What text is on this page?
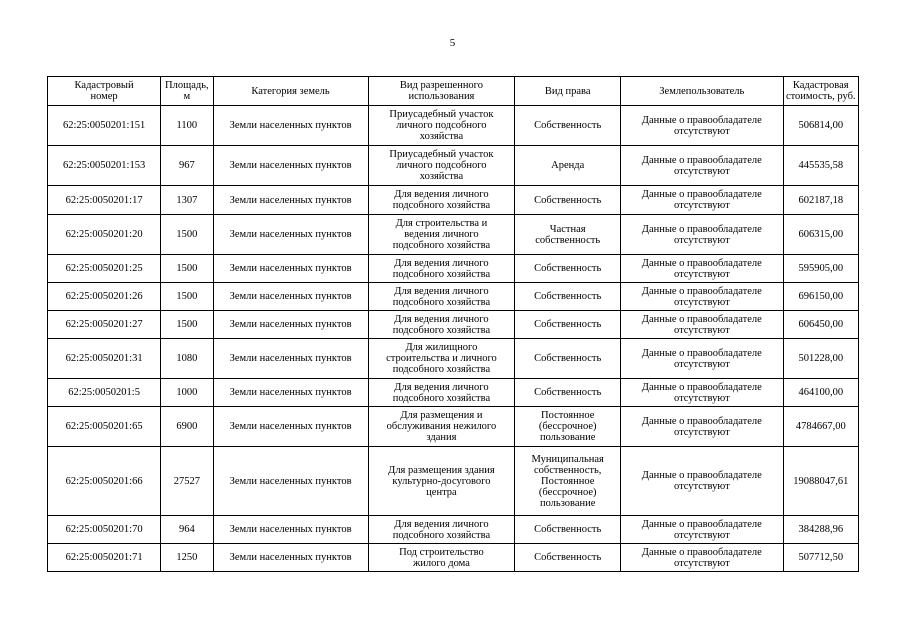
5
Кадастровый
номер	Площадь,
м	Категория земель	Вид разрешенного
использования	Вид права	Землепользователь	Кадастровая
стоимость, руб.
62:25:0050201:151	1100	Земли населенных пунктов	Приусадебный участок
личного подсобного
хозяйства	Собственность	Данные о правообладателе
отсутствуют	506814,00
62:25:0050201:153	967	Земли населенных пунктов	Приусадебный участок
личного подсобного
хозяйства	Аренда	Данные о правообладателе
отсутствуют	445535,58
62:25:0050201:17	1307	Земли населенных пунктов	Для ведения личного
подсобного хозяйства	Собственность	Данные о правообладателе
отсутствуют	602187,18
62:25:0050201:20	1500	Земли населенных пунктов	Для строительства и
ведения личного
подсобного хозяйства	Частная
собственность	Данные о правообладателе
отсутствуют	606315,00
62:25:0050201:25	1500	Земли населенных пунктов	Для ведения личного
подсобного хозяйства	Собственность	Данные о правообладателе
отсутствуют	595905,00
62:25:0050201:26	1500	Земли населенных пунктов	Для ведения личного
подсобного хозяйства	Собственность	Данные о правообладателе
отсутствуют	696150,00
62:25:0050201:27	1500	Земли населенных пунктов	Для ведения личного
подсобного хозяйства	Собственность	Данные о правообладателе
отсутствуют	606450,00
62:25:0050201:31	1080	Земли населенных пунктов	Для жилищного
строительства и личного
подсобного хозяйства	Собственность	Данные о правообладателе
отсутствуют	501228,00
62:25:0050201:5	1000	Земли населенных пунктов	Для ведения личного
подсобного хозяйства	Собственность	Данные о правообладателе
отсутствуют	464100,00
62:25:0050201:65	6900	Земли населенных пунктов	Для размещения и
обслуживания нежилого
здания	Постоянное
(бессрочное)
пользование	Данные о правообладателе
отсутствуют	4784667,00
62:25:0050201:66	27527	Земли населенных пунктов	Для размещения здания
культурно-досугового
центра	Муниципальная
собственность,
Постоянное
(бессрочное)
пользование	Данные о правообладателе
отсутствуют	19088047,61
62:25:0050201:70	964	Земли населенных пунктов	Для ведения личного
подсобного хозяйства	Собственность	Данные о правообладателе
отсутствуют	384288,96
62:25:0050201:71	1250	Земли населенных пунктов	Под строительство
жилого дома	Собственность	Данные о правообладателе
отсутствуют	507712,50
